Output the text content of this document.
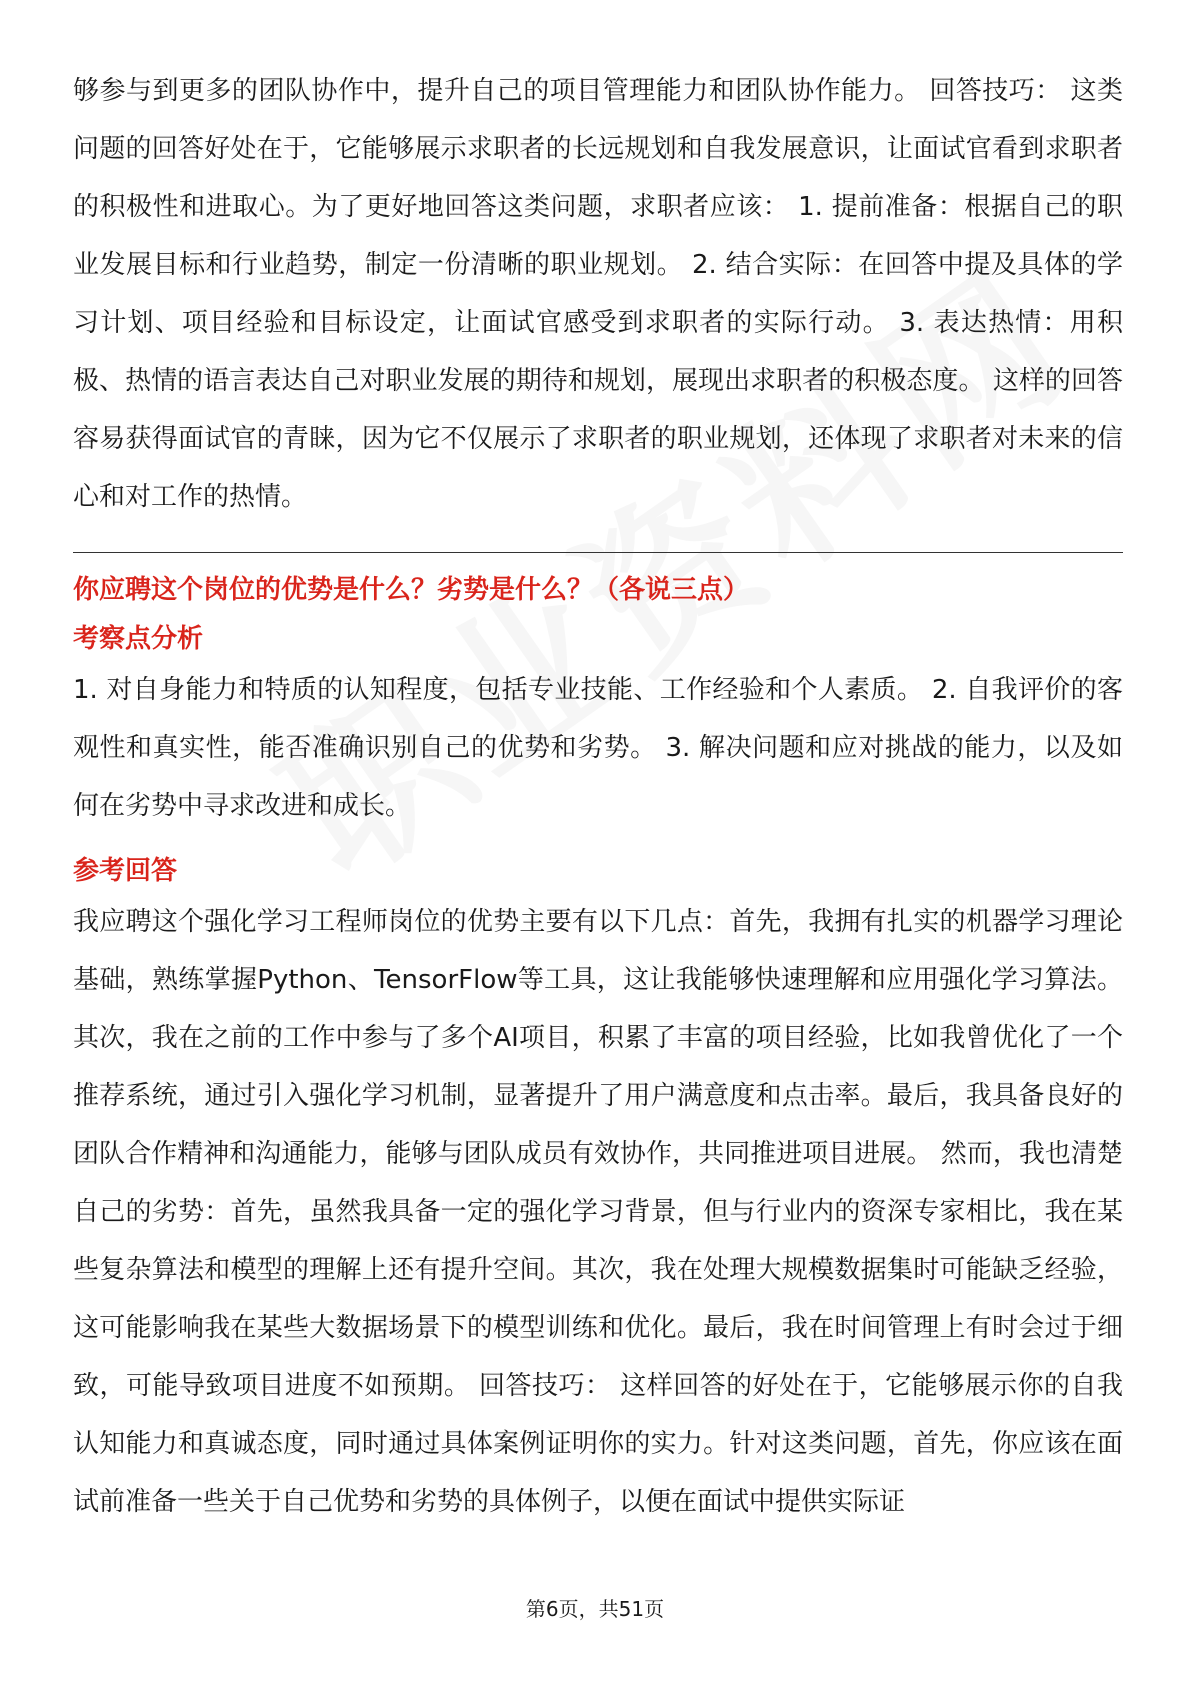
够参与到更多的团队协作中，提升自己的项目管理能力和团队协作能力。 回答技巧： 这类问题的回答好处在于，它能够展示求职者的长远规划和自我发展意识，让面试官看到求职者的积极性和进取心。为了更好地回答这类问题，求职者应该： 1. 提前准备：根据自己的职业发展目标和行业趋势，制定一份清晰的职业规划。 2. 结合实际：在回答中提及具体的学习计划、项目经验和目标设定，让面试官感受到求职者的实际行动。 3. 表达热情：用积极、热情的语言表达自己对职业发展的期待和规划，展现出求职者的积极态度。 这样的回答容易获得面试官的青睐，因为它不仅展示了求职者的职业规划，还体现了求职者对未来的信心和对工作的热情。

你应聘这个岗位的优势是什么？劣势是什么？（各说三点）
考察点分析

1. 对自身能力和特质的认知程度，包括专业技能、工作经验和个人素质。 2. 自我评价的客观性和真实性，能否准确识别自己的优势和劣势。 3. 解决问题和应对挑战的能力，以及如何在劣势中寻求改进和成长。

参考回答

我应聘这个强化学习工程师岗位的优势主要有以下几点：首先，我拥有扎实的机器学习理论基础，熟练掌握Python、TensorFlow等工具，这让我能够快速理解和应用强化学习算法。其次，我在之前的工作中参与了多个AI项目，积累了丰富的项目经验，比如我曾优化了一个推荐系统，通过引入强化学习机制，显著提升了用户满意度和点击率。最后，我具备良好的团队合作精神和沟通能力，能够与团队成员有效协作，共同推进项目进展。 然而，我也清楚自己的劣势：首先，虽然我具备一定的强化学习背景，但与行业内的资深专家相比，我在某些复杂算法和模型的理解上还有提升空间。其次，我在处理大规模数据集时可能缺乏经验，这可能影响我在某些大数据场景下的模型训练和优化。最后，我在时间管理上有时会过于细致，可能导致项目进度不如预期。 回答技巧： 这样回答的好处在于，它能够展示你的自我认知能力和真诚态度，同时通过具体案例证明你的实力。针对这类问题，首先，你应该在面试前准备一些关于自己优势和劣势的具体例子，以便在面试中提供实际证

第6页，共51页
